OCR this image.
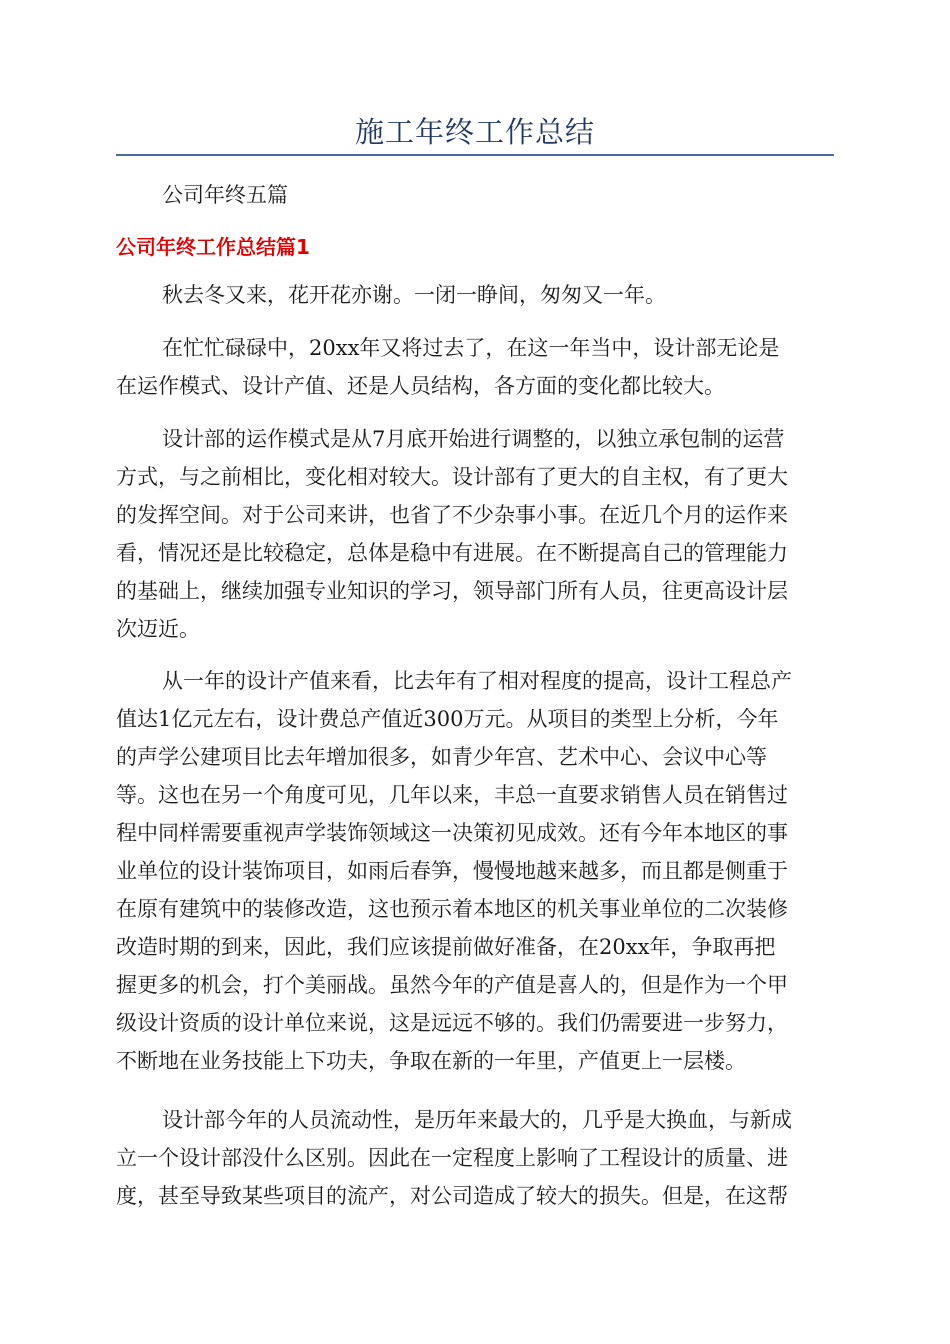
施工年终工作总结
公司年终五篇
公司年终工作总结篇1
秋去冬又来，花开花亦谢。一闭一睁间，匆匆又一年。
在忙忙碌碌中，20xx年又将过去了，在这一年当中，设计部无论是
在运作模式、设计产值、还是人员结构，各方面的变化都比较大。
设计部的运作模式是从7月底开始进行调整的，以独立承包制的运营
方式，与之前相比，变化相对较大。设计部有了更大的自主权，有了更大
的发挥空间。对于公司来讲，也省了不少杂事小事。在近几个月的运作来
看，情况还是比较稳定，总体是稳中有进展。在不断提高自己的管理能力
的基础上，继续加强专业知识的学习，领导部门所有人员，往更高设计层
次迈近。
从一年的设计产值来看，比去年有了相对程度的提高，设计工程总产
值达1亿元左右，设计费总产值近300万元。从项目的类型上分析，今年
的声学公建项目比去年增加很多，如青少年宫、艺术中心、会议中心等
等。这也在另一个角度可见，几年以来，丰总一直要求销售人员在销售过
程中同样需要重视声学装饰领域这一决策初见成效。还有今年本地区的事
业单位的设计装饰项目，如雨后春笋，慢慢地越来越多，而且都是侧重于
在原有建筑中的装修改造，这也预示着本地区的机关事业单位的二次装修
改造时期的到来，因此，我们应该提前做好准备，在20xx年，争取再把
握更多的机会，打个美丽战。虽然今年的产值是喜人的，但是作为一个甲
级设计资质的设计单位来说，这是远远不够的。我们仍需要进一步努力，
不断地在业务技能上下功夫，争取在新的一年里，产值更上一层楼。
设计部今年的人员流动性，是历年来最大的，几乎是大换血，与新成
立一个设计部没什么区别。因此在一定程度上影响了工程设计的质量、进
度，甚至导致某些项目的流产，对公司造成了较大的损失。但是，在这帮
